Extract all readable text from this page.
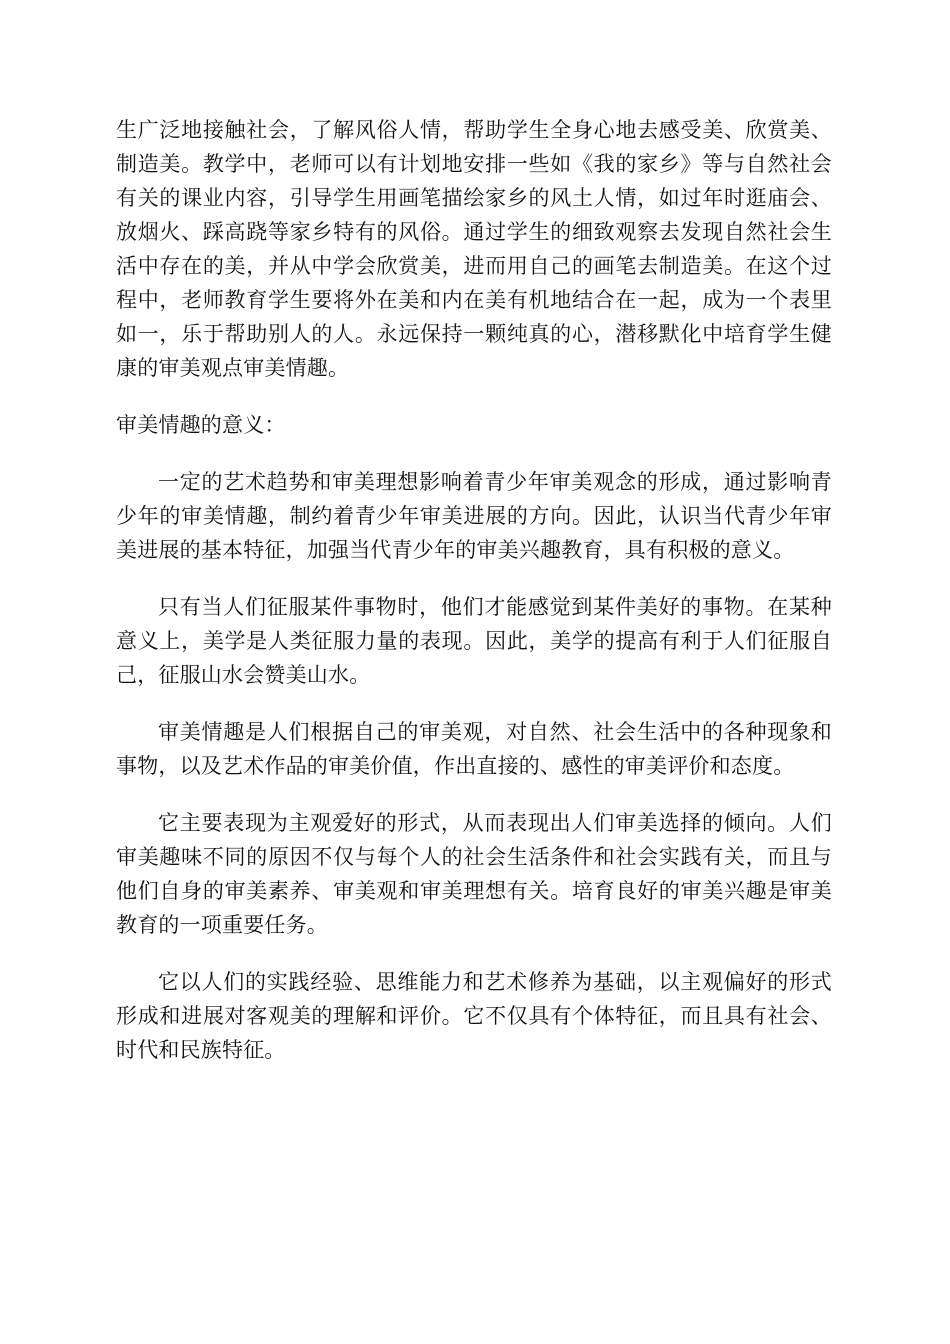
生广泛地接触社会，了解风俗人情，帮助学生全身心地去感受美、欣赏美、制造美。教学中，老师可以有计划地安排一些如《我的家乡》等与自然社会有关的课业内容，引导学生用画笔描绘家乡的风土人情，如过年时逛庙会、放烟火、踩高跷等家乡特有的风俗。通过学生的细致观察去发现自然社会生活中存在的美，并从中学会欣赏美，进而用自己的画笔去制造美。在这个过程中，老师教育学生要将外在美和内在美有机地结合在一起，成为一个表里如一，乐于帮助别人的人。永远保持一颗纯真的心，潜移默化中培育学生健康的审美观点审美情趣。

审美情趣的意义：

一定的艺术趋势和审美理想影响着青少年审美观念的形成，通过影响青少年的审美情趣，制约着青少年审美进展的方向。因此，认识当代青少年审美进展的基本特征，加强当代青少年的审美兴趣教育，具有积极的意义。

只有当人们征服某件事物时，他们才能感觉到某件美好的事物。在某种意义上，美学是人类征服力量的表现。因此，美学的提高有利于人们征服自己，征服山水会赞美山水。

审美情趣是人们根据自己的审美观，对自然、社会生活中的各种现象和事物，以及艺术作品的审美价值，作出直接的、感性的审美评价和态度。

它主要表现为主观爱好的形式，从而表现出人们审美选择的倾向。人们审美趣味不同的原因不仅与每个人的社会生活条件和社会实践有关，而且与他们自身的审美素养、审美观和审美理想有关。培育良好的审美兴趣是审美教育的一项重要任务。

它以人们的实践经验、思维能力和艺术修养为基础，以主观偏好的形式形成和进展对客观美的理解和评价。它不仅具有个体特征，而且具有社会、时代和民族特征。
